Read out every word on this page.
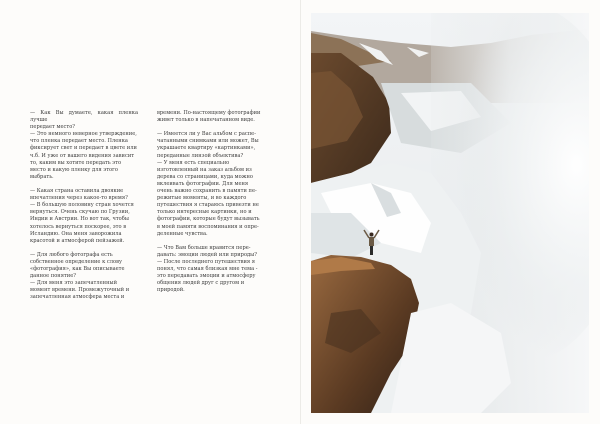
— Как Вы думаете, какая пленка лучше
передает место?
— Это немного неверное утверждение,
что пленка передает место. Пленка
фиксирует свет и передает в цвете или
ч.б. И уже от вашего видения зависит
то, каким вы хотите передать это
место и какую пленку для этого
выбрать.

— Какая страна оставила двоякие
впечатления через какое-то время?
— В большую половину стран хочется
вернуться. Очень скучаю по Грузии,
Индии и Австрии. Но вот так, чтобы
хотелось вернуться поскорее, это в
Исландию. Она меня заворожила
красотой и атмосферой пейзажей.

— Для любого фотографа есть
собственное определение к слову
«фотография», как Вы описываете
данное понятие?
— Для меня это запечатленный
момент времени. Промежуточный и
запечатленная атмосфера места и

времени. По-настоящему фотографии
живет только в напечатанном виде.

— Имеется ли у Вас альбом с распе-
чатанными снимками или может, Вы
украшаете квартиру «картинками»,
переданные линзой объектива?
— У меня есть специально
изготовленный на заказ альбом из
дерева со страницами, куда можно
вклеивать фотографии. Для меня
очень важно сохранить в памяти пе-
режитые моменты, и во каждого
путешествия я стараюсь привезти не
только интересные картинки, но и
фотографии, которые будут вызывать
в моей памяти воспоминания и опре-
деленные чувства.

— Что Вам больше нравится пере-
давать: эмоции людей или природы?
— После последнего путешествия я
понял, что самая близкая мне тема -
это передавать эмоции и атмосферу
общения людей друг с другом и
природой.
